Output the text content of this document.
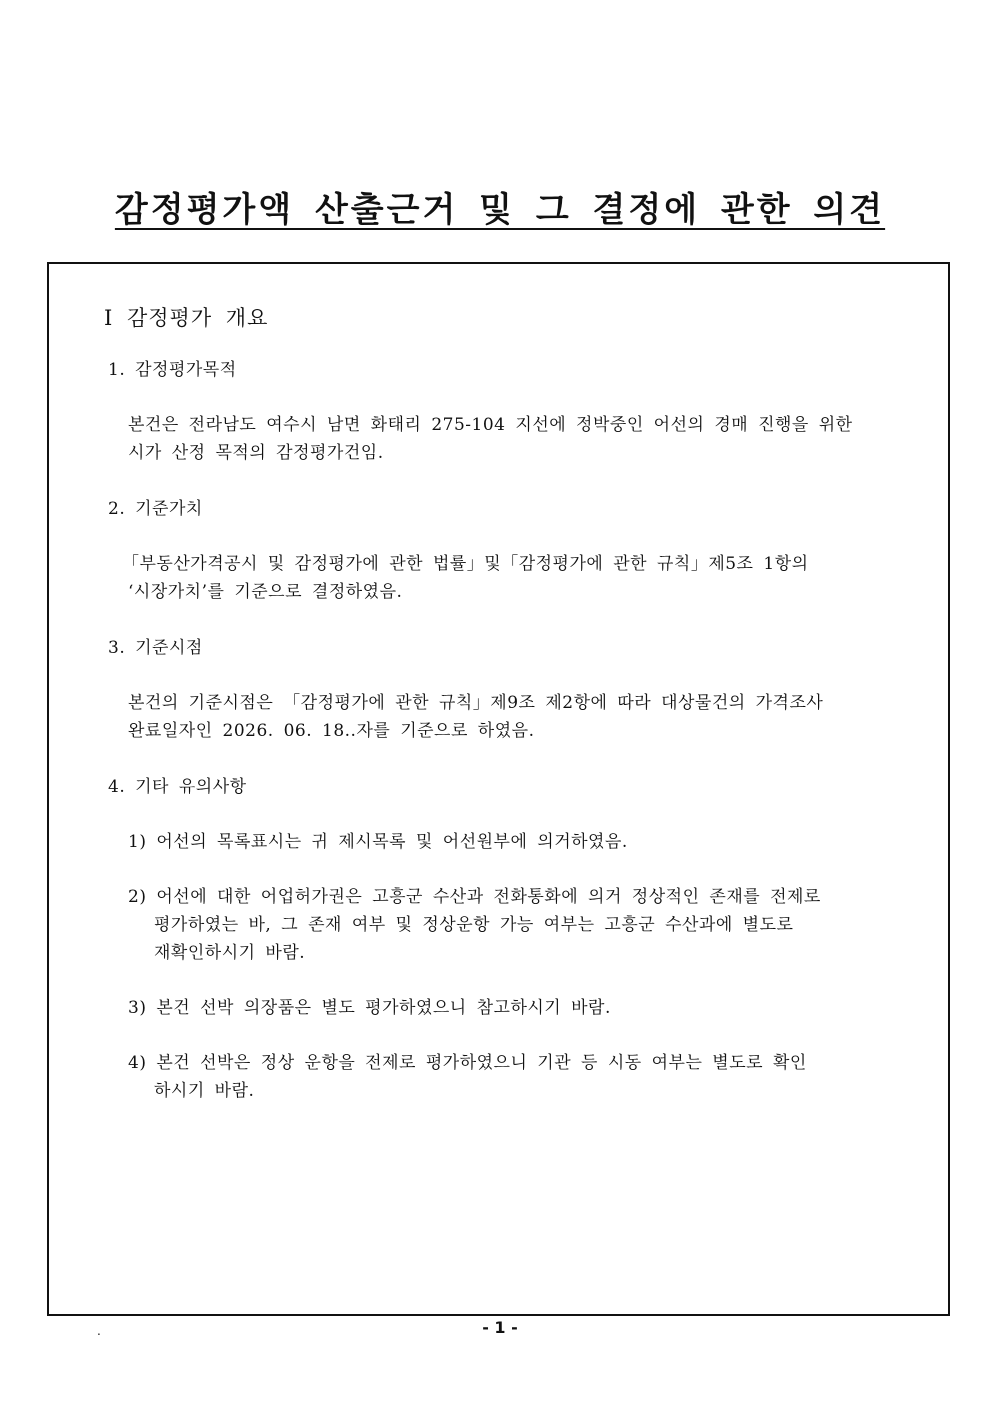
감정평가액 산출근거 및 그 결정에 관한 의견
Ⅰ 감정평가 개요
1. 감정평가목적
본건은 전라남도 여수시 남면 화태리 275-104 지선에 정박중인 어선의 경매 진행을 위한
시가 산정 목적의 감정평가건임.
2. 기준가치
「부동산가격공시 및 감정평가에 관한 법률」및「감정평가에 관한 규칙」제5조 1항의
‘시장가치’를 기준으로 결정하였음.
3. 기준시점
본건의 기준시점은 「감정평가에 관한 규칙」제9조 제2항에 따라 대상물건의 가격조사
완료일자인 2026. 06. 18..자를 기준으로 하였음.
4. 기타 유의사항
1) 어선의 목록표시는 귀 제시목록 및 어선원부에 의거하였음.
2) 어선에 대한 어업허가권은 고흥군 수산과 전화통화에 의거 정상적인 존재를 전제로
평가하였는 바, 그 존재 여부 및 정상운항 가능 여부는 고흥군 수산과에 별도로
재확인하시기 바람.
3) 본건 선박 의장품은 별도 평가하였으니 참고하시기 바람.
4) 본건 선박은 정상 운항을 전제로 평가하였으니 기관 등 시동 여부는 별도로 확인
하시기 바람.
.	- 1 -
